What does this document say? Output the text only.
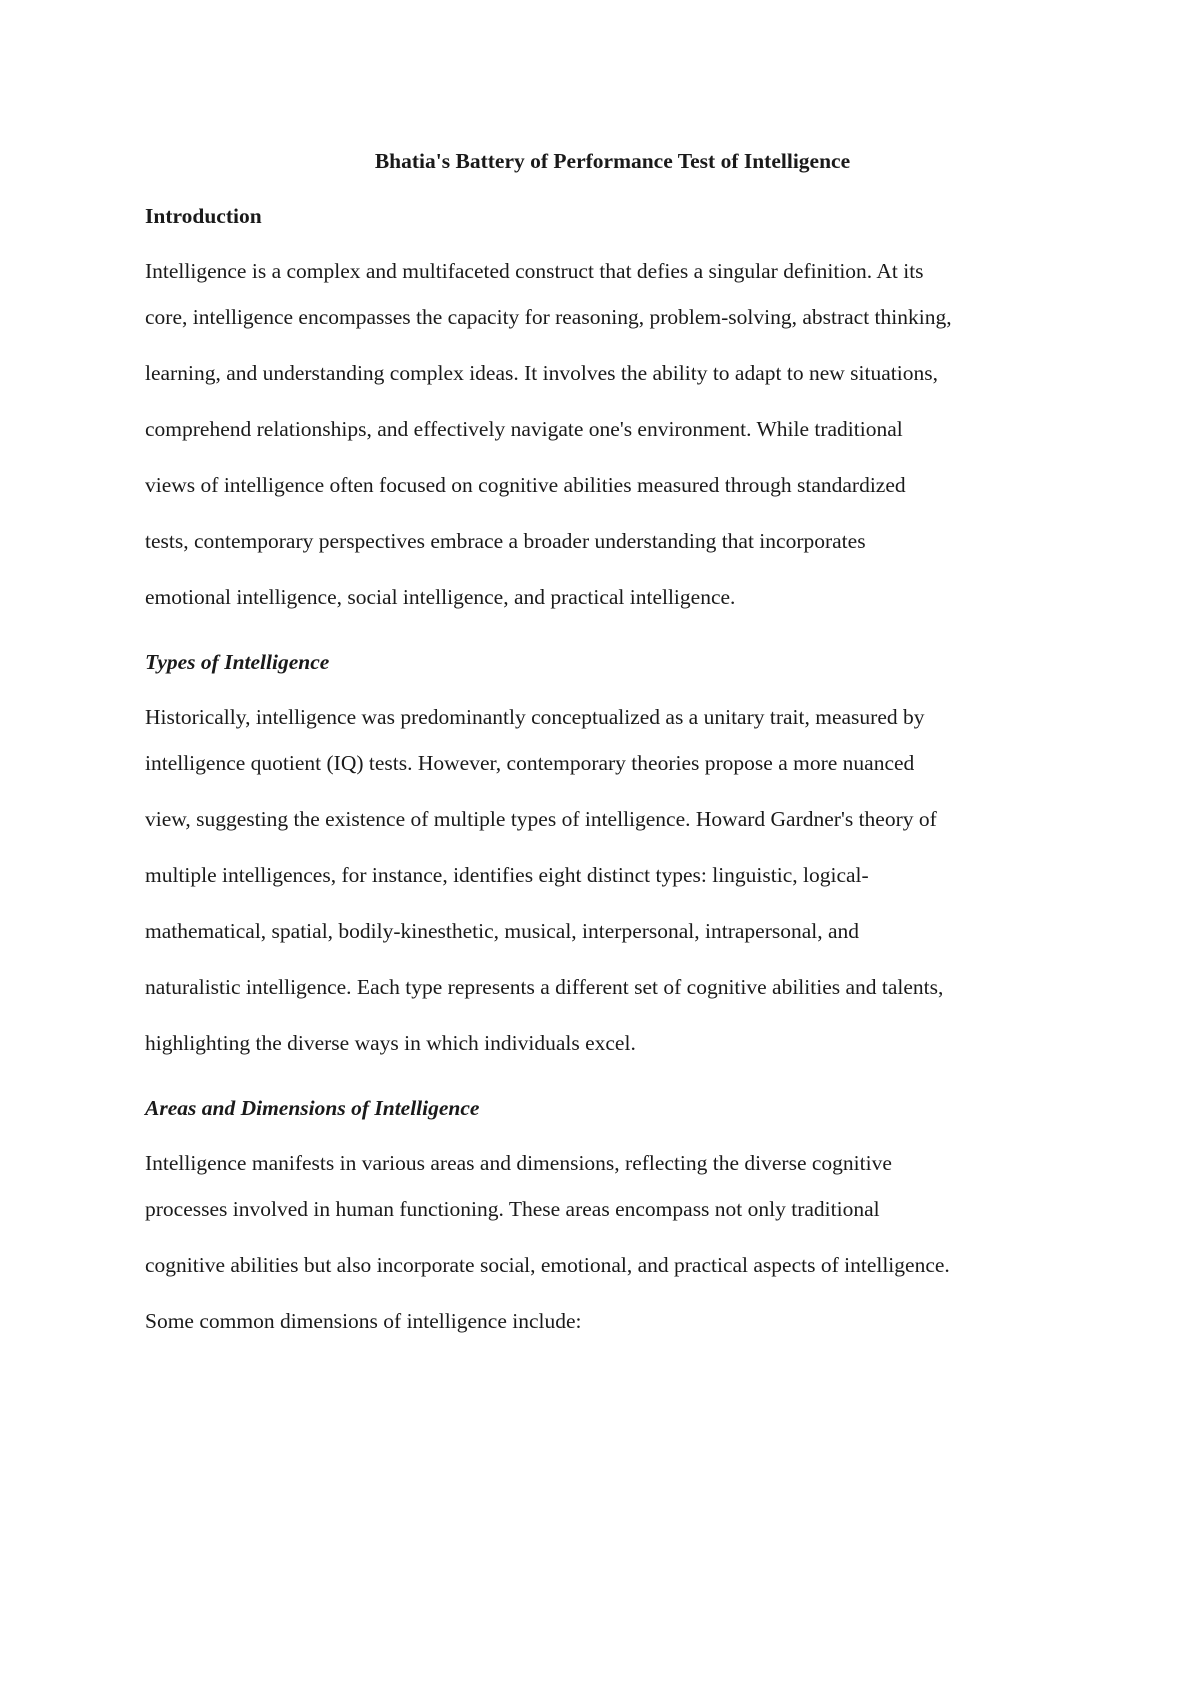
Bhatia's Battery of Performance Test of Intelligence
Introduction
Intelligence is a complex and multifaceted construct that defies a singular definition. At its
core, intelligence encompasses the capacity for reasoning, problem-solving, abstract thinking,
learning, and understanding complex ideas. It involves the ability to adapt to new situations,
comprehend relationships, and effectively navigate one's environment. While traditional
views of intelligence often focused on cognitive abilities measured through standardized
tests, contemporary perspectives embrace a broader understanding that incorporates
emotional intelligence, social intelligence, and practical intelligence.
Types of Intelligence
Historically, intelligence was predominantly conceptualized as a unitary trait, measured by
intelligence quotient (IQ) tests. However, contemporary theories propose a more nuanced
view, suggesting the existence of multiple types of intelligence. Howard Gardner's theory of
multiple intelligences, for instance, identifies eight distinct types: linguistic, logical-
mathematical, spatial, bodily-kinesthetic, musical, interpersonal, intrapersonal, and
naturalistic intelligence. Each type represents a different set of cognitive abilities and talents,
highlighting the diverse ways in which individuals excel.
Areas and Dimensions of Intelligence
Intelligence manifests in various areas and dimensions, reflecting the diverse cognitive
processes involved in human functioning. These areas encompass not only traditional
cognitive abilities but also incorporate social, emotional, and practical aspects of intelligence.
Some common dimensions of intelligence include:
